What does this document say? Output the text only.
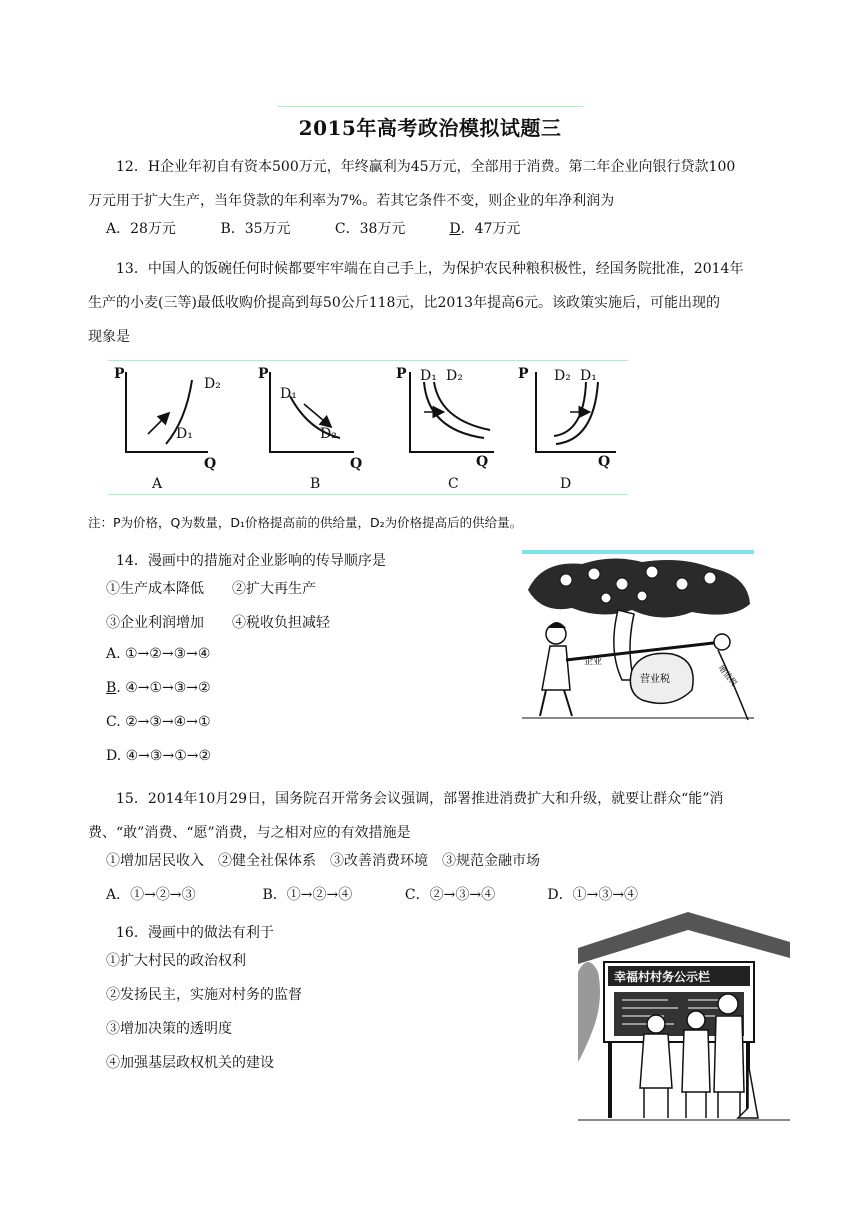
2015年高考政治模拟试题三
12．H企业年初自有资本500万元，年终赢利为45万元，全部用于消费。第二年企业向银行贷款100
万元用于扩大生产，当年贷款的年利率为7%。若其它条件不变，则企业的年净利润为
A．28万元	B．35万元	C．38万元	D．47万元
13．中国人的饭碗任何时候都要牢牢端在自己手上，为保护农民种粮积极性，经国务院批准，2014年
生产的小麦(三等)最低收购价提高到每50公斤118元，比2013年提高6元。该政策实施后，可能出现的
现象是
P
Q
D₂
D₁
A
P
Q
D₁
D₂
B
P
Q
D₁ D₂
C
P
Q
D₂ D₁
D
注：P为价格，Q为数量，D₁价格提高前的供给量，D₂为价格提高后的供给量。
14．漫画中的措施对企业影响的传导顺序是
①生产成本降低　　②扩大再生产
③企业利润增加　　④税收负担减轻
A. ①→②→③→④
B. ④→①→③→②
C. ②→③→④→①
D. ④→③→①→②
营业税
企业
增值税
15．2014年10月29日，国务院召开常务会议强调，部署推进消费扩大和升级，就要让群众“能”消
费、“敢”消费、“愿”消费，与之相对应的有效措施是
①增加居民收入　②健全社保体系　③改善消费环境　③规范金融市场
A．①→②→③	B．①→②→④	C．②→③→④	D．①→③→④
16．漫画中的做法有利于
①扩大村民的政治权利
②发扬民主，实施对村务的监督
③增加决策的透明度
④加强基层政权机关的建设
幸福村村务公示栏
